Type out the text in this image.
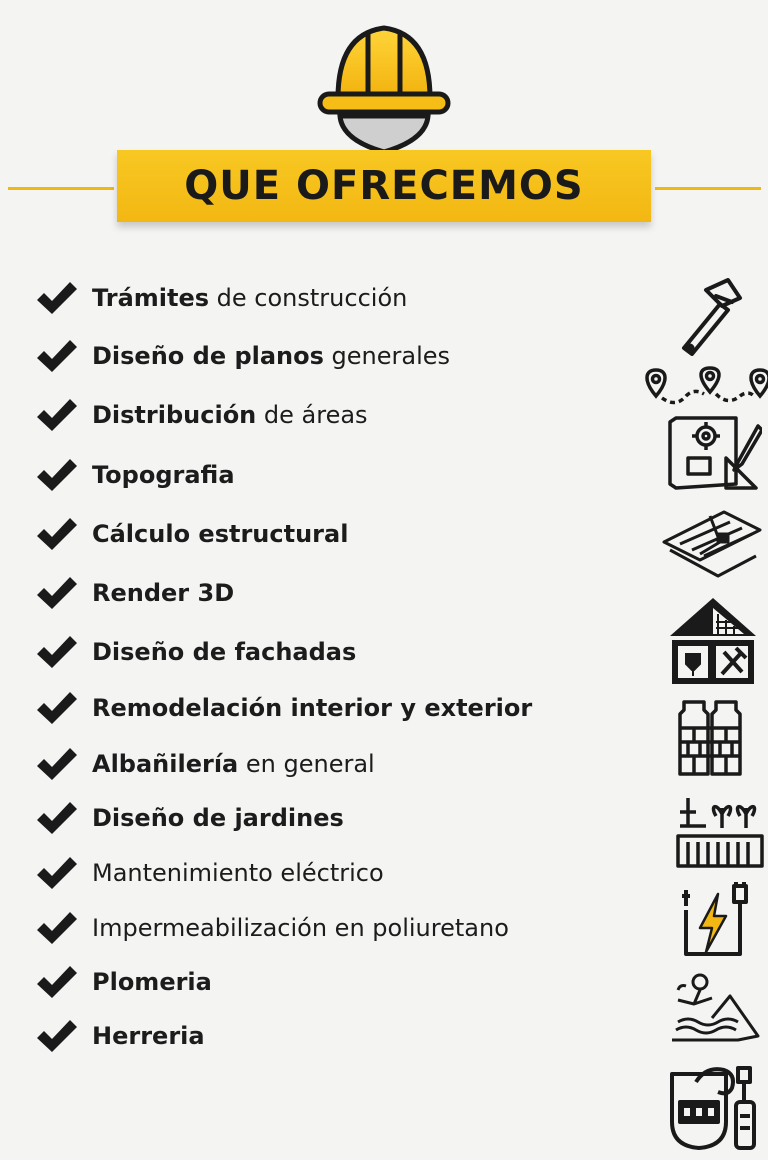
QUE OFRECEMOS
Trámites de construcción
Diseño de planos generales
Distribución de áreas
Topografia
Cálculo estructural
Render 3D
Diseño de fachadas
Remodelación interior y exterior
Albañilería en general
Diseño de jardines
Mantenimiento eléctrico
Impermeabilización en poliuretano
Plomeria
Herreria
